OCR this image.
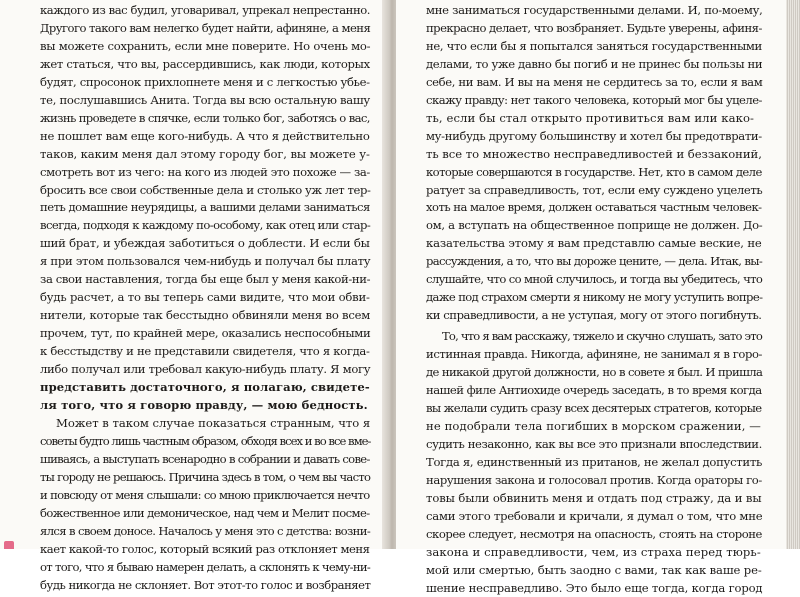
каждого из вас будил, уговаривал, упрекал непрестанно.
Другого такого вам нелегко будет найти, афиняне, а меня
вы можете сохранить, если мне поверите. Но очень мо-
жет статься, что вы, рассердившись, как люди, которых
будят, спросонок прихлопнете меня и с легкостью убье-
те, послушавшись Анита. Тогда вы всю остальную вашу
жизнь проведете в спячке, если только бог, заботясь о вас,
не пошлет вам еще кого-нибудь. А что я действительно
таков, каким меня дал этому городу бог, вы можете у-
смотреть вот из чего: на кого из людей это похоже — за-
бросить все свои собственные дела и столько уж лет тер-
петь домашние неурядицы, а вашими делами заниматься
всегда, подходя к каждому по-особому, как отец или стар-
ший брат, и убеждая заботиться о доблести. И если бы
я при этом пользовался чем-нибудь и получал бы плату
за свои наставления, тогда бы еще был у меня какой-ни-
будь расчет, а то вы теперь сами видите, что мои обви-
нители, которые так бесстыдно обвиняли меня во всем
прочем, тут, по крайней мере, оказались неспособными
к бесстыдству и не представили свидетеля, что я когда-
либо получал или требовал какую-нибудь плату. Я могу
представить достаточного, я полагаю, свидете-
ля того, что я говорю правду, — мою бедность.
Может в таком случае показаться странным, что я
советы будто лишь частным образом, обходя всех и во все вме-
шиваясь, а выступать всенародно в собрании и давать сове-
ты городу не решаюсь. Причина здесь в том, о чем вы часто
и повсюду от меня слышали: со мною приключается нечто
божественное или демоническое, над чем и Мелит посме-
ялся в своем доносе. Началось у меня это с детства: возни-
кает какой-то голос, который всякий раз отклоняет меня
от того, что я бываю намерен делать, а склонять к чему-ни-
будь никогда не склоняет. Вот этот-то голос и возбраняет
мне заниматься государственными делами. И, по-моему,
прекрасно делает, что возбраняет. Будьте уверены, афиня-
не, что если бы я попытался заняться государственными
делами, то уже давно бы погиб и не принес бы пользы ни
себе, ни вам. И вы на меня не сердитесь за то, если я вам
скажу правду: нет такого человека, который мог бы уцеле-
ть, если бы стал открыто противиться вам или како-
му-нибудь другому большинству и хотел бы предотврати-
ть все то множество несправедливостей и беззаконий,
которые совершаются в государстве. Нет, кто в самом деле
ратует за справедливость, тот, если ему суждено уцелеть
хоть на малое время, должен оставаться частным человек-
ом, а вступать на общественное поприще не должен. До-
казательства этому я вам представлю самые веские, не
рассуждения, а то, что вы дороже цените, — дела. Итак, вы-
слушайте, что со мной случилось, и тогда вы убедитесь, что
даже под страхом смерти я никому не могу уступить вопре-
ки справедливости, а не уступая, могу от этого погибнуть.
То, что я вам расскажу, тяжело и скучно слушать, зато это
истинная правда. Никогда, афиняне, не занимал я в горо-
де никакой другой должности, но в совете я был. И пришла
нашей филе Антиохиде очередь заседать, в то время когда
вы желали судить сразу всех десятерых стратегов, которые
не подобрали тела погибших в морском сражении, —
судить незаконно, как вы все это признали впоследствии.
Тогда я, единственный из пританов, не желал допустить
нарушения закона и голосовал против. Когда ораторы го-
товы были обвинить меня и отдать под стражу, да и вы
сами этого требовали и кричали, я думал о том, что мне
скорее следует, несмотря на опасность, стоять на стороне
закона и справедливости, чем, из страха перед тюрь-
мой или смертью, быть заодно с вами, так как ваше ре-
шение несправедливо. Это было еще тогда, когда город
